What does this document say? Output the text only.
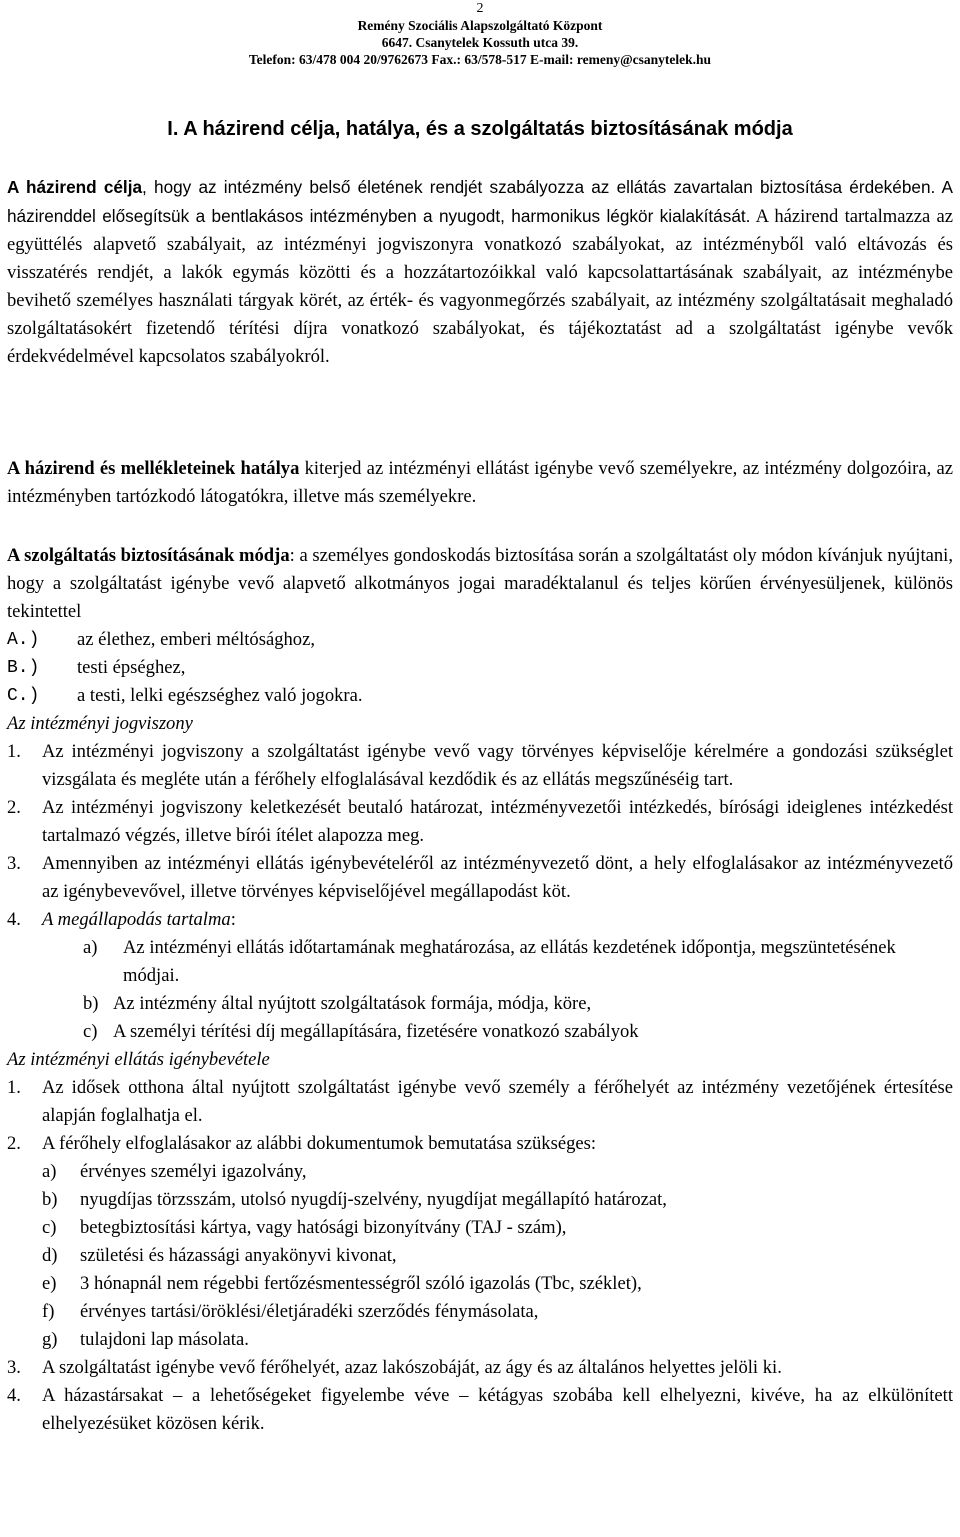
2
Remény Szociális Alapszolgáltató Központ
6647. Csanytelek Kossuth utca 39.
Telefon: 63/478 004 20/9762673 Fax.: 63/578-517 E-mail: remeny@csanytelek.hu
I. A házirend célja, hatálya, és a szolgáltatás biztosításának módja

A házirend célja, hogy az intézmény belső életének rendjét szabályozza az ellátás zavartalan biztosítása érdekében. A házirenddel elősegítsük a bentlakásos intézményben a nyugodt, harmonikus légkör kialakítását. A házirend tartalmazza az együttélés alapvető szabályait, az intézményi jogviszonyra vonatkozó szabályokat, az intézményből való eltávozás és visszatérés rendjét, a lakók egymás közötti és a hozzátartozóikkal való kapcsolattartásának szabályait, az intézménybe bevihető személyes használati tárgyak körét, az érték- és vagyonmegőrzés szabályait, az intézmény szolgáltatásait meghaladó szolgáltatásokért fizetendő térítési díjra vonatkozó szabályokat, és tájékoztatást ad a szolgáltatást igénybe vevők érdekvédelmével kapcsolatos szabályokról.

A házirend és mellékleteinek hatálya kiterjed az intézményi ellátást igénybe vevő személyekre, az intézmény dolgozóira, az intézményben tartózkodó látogatókra, illetve más személyekre.

A szolgáltatás biztosításának módja: a személyes gondoskodás biztosítása során a szolgáltatást oly módon kívánjuk nyújtani, hogy a szolgáltatást igénybe vevő alapvető alkotmányos jogai maradéktalanul és teljes körűen érvényesüljenek, különös tekintettel

A.)	az élethez, emberi méltósághoz,
B.)	testi épséghez,
C.)	a testi, lelki egészséghez való jogokra.
Az intézményi jogviszony
1.	Az intézményi jogviszony a szolgáltatást igénybe vevő vagy törvényes képviselője kérelmére a gondozási szükséglet vizsgálata és megléte után a férőhely elfoglalásával kezdődik és az ellátás megszűnéséig tart.
2.	Az intézményi jogviszony keletkezését beutaló határozat, intézményvezetői intézkedés, bírósági ideiglenes intézkedést tartalmazó végzés, illetve bírói ítélet alapozza meg.
3.	Amennyiben az intézményi ellátás igénybevételéről az intézményvezető dönt, a hely elfoglalásakor az intézményvezető az igénybevevővel, illetve törvényes képviselőjével megállapodást köt.
4.	A megállapodás tartalma:
a)	Az intézményi ellátás időtartamának meghatározása, az ellátás kezdetének időpontja, megszüntetésének módjai.
b) Az intézmény által nyújtott szolgáltatások formája, módja, köre,
c) A személyi térítési díj megállapítására, fizetésére vonatkozó szabályok
Az intézményi ellátás igénybevétele
1.	Az idősek otthona által nyújtott szolgáltatást igénybe vevő személy a férőhelyét az intézmény vezetőjének értesítése alapján foglalhatja el.
2.	A férőhely elfoglalásakor az alábbi dokumentumok bemutatása szükséges:
a)	érvényes személyi igazolvány,
b)	nyugdíjas törzsszám, utolsó nyugdíj-szelvény, nyugdíjat megállapító határozat,
c)	betegbiztosítási kártya, vagy hatósági bizonyítvány (TAJ - szám),
d)	születési és házassági anyakönyvi kivonat,
e)	3 hónapnál nem régebbi fertőzésmentességről szóló igazolás (Tbc, széklet),
f)	érvényes tartási/öröklési/életjáradéki szerződés fénymásolata,
g)	tulajdoni lap másolata.
3.	A szolgáltatást igénybe vevő férőhelyét, azaz lakószobáját, az ágy és az általános helyettes jelöli ki.
4.	A házastársakat – a lehetőségeket figyelembe véve – kétágyas szobába kell elhelyezni, kivéve, ha az elkülönített elhelyezésüket közösen kérik.
